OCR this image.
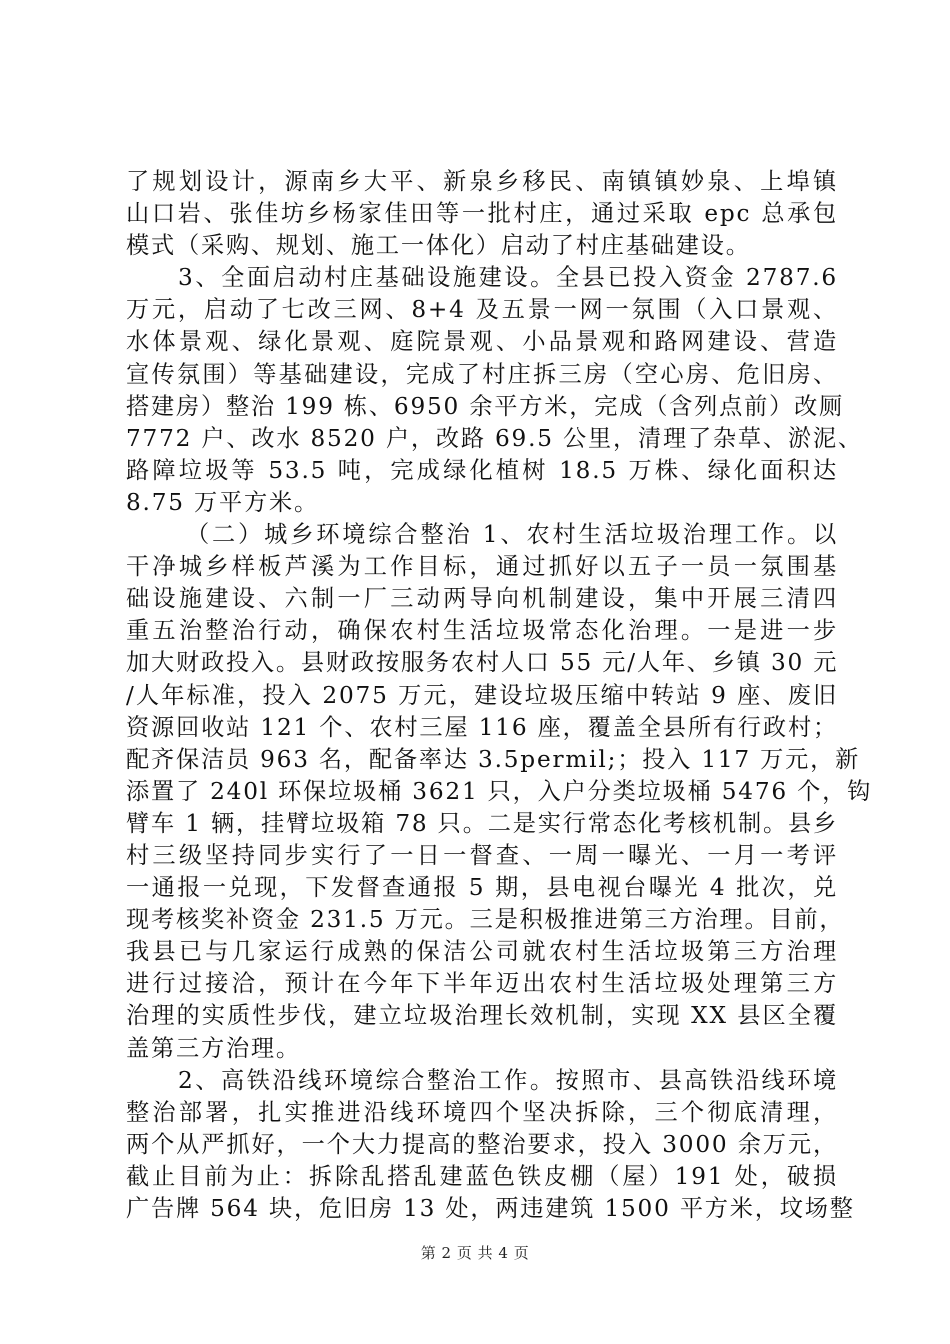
了规划设计，源南乡大平、新泉乡移民、南镇镇妙泉、上埠镇
山口岩、张佳坊乡杨家佳田等一批村庄，通过采取 epc 总承包
模式（采购、规划、施工一体化）启动了村庄基础建设。
3、全面启动村庄基础设施建设。全县已投入资金 2787.6
万元，启动了七改三网、8+4 及五景一网一氛围（入口景观、
水体景观、绿化景观、庭院景观、小品景观和路网建设、营造
宣传氛围）等基础建设，完成了村庄拆三房（空心房、危旧房、
搭建房）整治 199 栋、6950 余平方米，完成（含列点前）改厕
7772 户、改水 8520 户，改路 69.5 公里，清理了杂草、淤泥、
路障垃圾等 53.5 吨，完成绿化植树 18.5 万株、绿化面积达
8.75 万平方米。
（二）城乡环境综合整治 1、农村生活垃圾治理工作。以
干净城乡样板芦溪为工作目标，通过抓好以五子一员一氛围基
础设施建设、六制一厂三动两导向机制建设，集中开展三清四
重五治整治行动，确保农村生活垃圾常态化治理。一是进一步
加大财政投入。县财政按服务农村人口 55 元/人年、乡镇 30 元
/人年标准，投入 2075 万元，建设垃圾压缩中转站 9 座、废旧
资源回收站 121 个、农村三屋 116 座，覆盖全县所有行政村；
配齐保洁员 963 名，配备率达 3.5permil;；投入 117 万元，新
添置了 240l 环保垃圾桶 3621 只，入户分类垃圾桶 5476 个，钩
臂车 1 辆，挂臂垃圾箱 78 只。二是实行常态化考核机制。县乡
村三级坚持同步实行了一日一督查、一周一曝光、一月一考评
一通报一兑现，下发督查通报 5 期，县电视台曝光 4 批次，兑
现考核奖补资金 231.5 万元。三是积极推进第三方治理。目前，
我县已与几家运行成熟的保洁公司就农村生活垃圾第三方治理
进行过接洽，预计在今年下半年迈出农村生活垃圾处理第三方
治理的实质性步伐，建立垃圾治理长效机制，实现 XX 县区全覆
盖第三方治理。
2、高铁沿线环境综合整治工作。按照市、县高铁沿线环境
整治部署，扎实推进沿线环境四个坚决拆除，三个彻底清理，
两个从严抓好，一个大力提高的整治要求，投入 3000 余万元，
截止目前为止：拆除乱搭乱建蓝色铁皮棚（屋）191 处，破损
广告牌 564 块，危旧房 13 处，两违建筑 1500 平方米，坟场整
第 2 页 共 4 页
